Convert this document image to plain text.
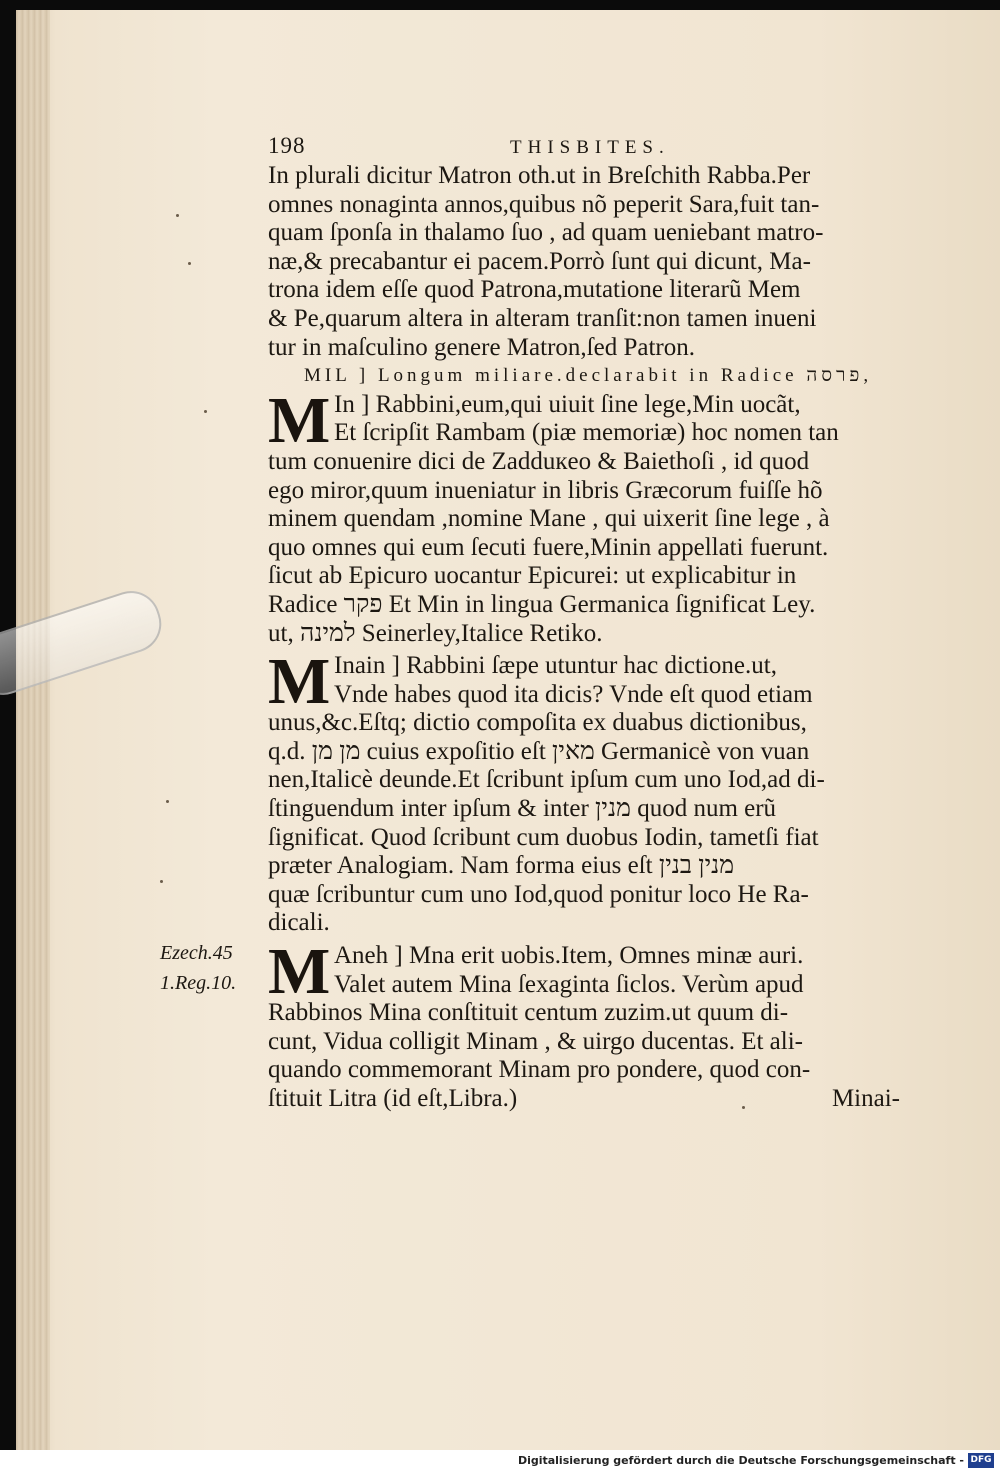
Ezech.45
1.Reg.10.
198	THISBITES.
In plurali dicitur Matron oth.ut in Breſchith Rabba.Per
omnes nonaginta annos,quibus nõ peperit Sara,fuit tan-
quam ſponſa in thalamo ſuo , ad quam ueniebant matro-
næ,& precabantur ei pacem.Porrò ſunt qui dicunt, Ma-
trona idem eſſe quod Patrona,mutatione literarũ Mem
& Pe,quarum altera in alteram tranſit:non tamen inueni
tur in maſculino genere Matron,ſed Patron.
MIL ] Longum miliare.declarabit in Radice פרסה,
M In ] Rabbini,eum,qui uiuit ſine lege,Min uocãt,
Et ſcripſit Rambam (piæ memoriæ) hoc nomen tan
tum conuenire dici de Zadduкeo & Baiethoſi , id quod
ego miror,quum inueniatur in libris Græcorum fuiſſe hõ
minem quendam ,nomine Mane , qui uixerit ſine lege , à
quo omnes qui eum ſecuti fuere,Minin appellati fuerunt.
ſicut ab Epicuro uocantur Epicurei: ut explicabitur in
Radice פקר Et Min in lingua Germanica ſignificat Ley.
ut, למינה Seinerley,Italice Retiko.
M Inain ] Rabbini ſæpe utuntur hac dictione.ut,
Vnde habes quod ita dicis? Vnde eſt quod etiam
unus,&c.Eſtq; dictio compoſita ex duabus dictionibus,
q.d. מן מן cuius expoſitio eſt מאין Germanicè von vuan
nen,Italicè deunde.Et ſcribunt ipſum cum uno Iod,ad di-
ſtinguendum inter ipſum & inter מנין quod num erũ
ſignificat. Quod ſcribunt cum duobus Iodin, tametſi fiat
præter Analogiam. Nam forma eius eſt מנין בנין
quæ ſcribuntur cum uno Iod,quod ponitur loco He Ra-
dicali.
M Aneh ] Mna erit uobis.Item, Omnes minæ auri.
Valet autem Mina ſexaginta ſiclos. Verùm apud
Rabbinos Mina conſtituit centum zuzim.ut quum di-
cunt, Vidua colligit Minam , & uirgo ducentas. Et ali-
quando commemorant Minam pro pondere, quod con-
ſtituit Litra (id eſt,Libra.)	Minai-
Digitalisierung gefördert durch die Deutsche Forschungsgemeinschaft - DFG
